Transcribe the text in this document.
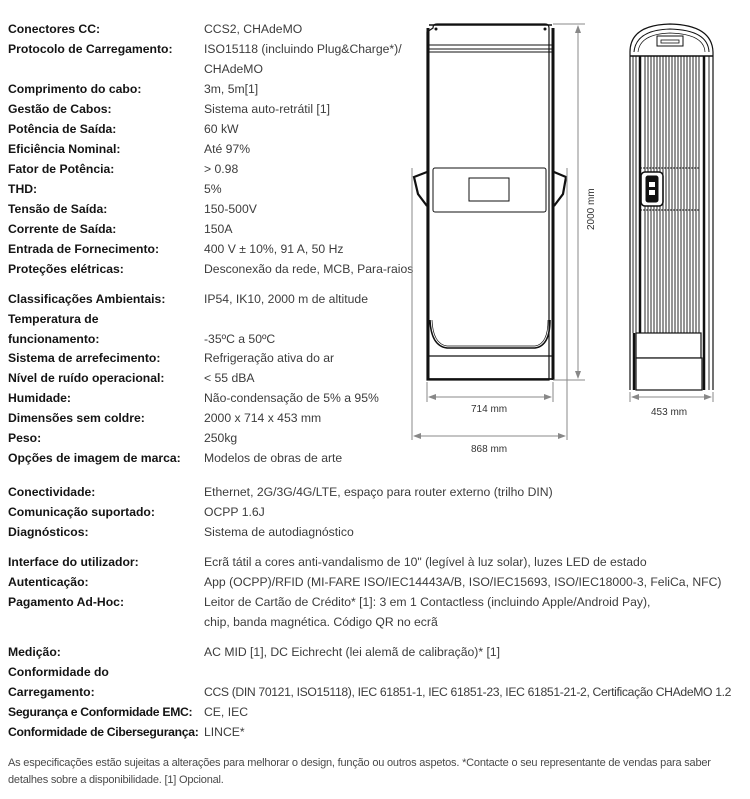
Conectores CC:	CCS2, CHAdeMO
Protocolo de Carregamento:	ISO15118 (incluindo Plug&Charge*)/
CHAdeMO
Comprimento do cabo:	3m, 5m[1]
Gestão de Cabos:	Sistema auto-retrátil [1]
Potência de Saída:	60 kW
Eficiência Nominal:	Até 97%
Fator de Potência:	> 0.98
THD:	5%
Tensão de Saída:	150-500V
Corrente de Saída:	150A
Entrada de Fornecimento:	400 V ± 10%, 91 A, 50 Hz
Proteções elétricas:	Desconexão da rede, MCB, Para-raios
Classificações Ambientais:	IP54, IK10, 2000 m de altitude
Temperatura de
funcionamento:	-35ºC a 50ºC
Sistema de arrefecimento:	Refrigeração ativa do ar
Nível de ruído operacional:	< 55 dBA
Humidade:	Não-condensação de 5% a 95%
Dimensões sem coldre:	2000 x 714 x 453 mm
Peso:	250kg
Opções de imagem de marca: Modelos de obras de arte
Conectividade:	Ethernet, 2G/3G/4G/LTE, espaço para router externo (trilho DIN)
Comunicação suportado:	OCPP 1.6J
Diagnósticos:	Sistema de autodiagnóstico
Interface do utilizador:	Ecrã tátil a cores anti-vandalismo de 10" (legível à luz solar), luzes LED de estado
Autenticação:	App (OCPP)/RFID (MI-FARE ISO/IEC14443A/B, ISO/IEC15693, ISO/IEC18000-3, FeliCa, NFC)
Pagamento Ad-Hoc:	Leitor de Cartão de Crédito* [1]: 3 em 1 Contactless (incluindo Apple/Android Pay),
chip, banda magnética. Código QR no ecrã
Medição:	AC MID [1], DC Eichrecht (lei alemã de calibração)* [1]
Conformidade do
Carregamento:	CCS (DIN 70121, ISO15118), IEC 61851-1, IEC 61851-23, IEC 61851-21-2, Certificação CHAdeMO 1.2
Segurança e Conformidade EMC: CE, IEC
Conformidade de Cibersegurança: LINCE*
2000 mm
714 mm
868 mm
453 mm
As especificações estão sujeitas a alterações para melhorar o design, função ou outros aspetos. *Contacte o seu representante de vendas para saber detalhes sobre a disponibilidade. [1] Opcional.
